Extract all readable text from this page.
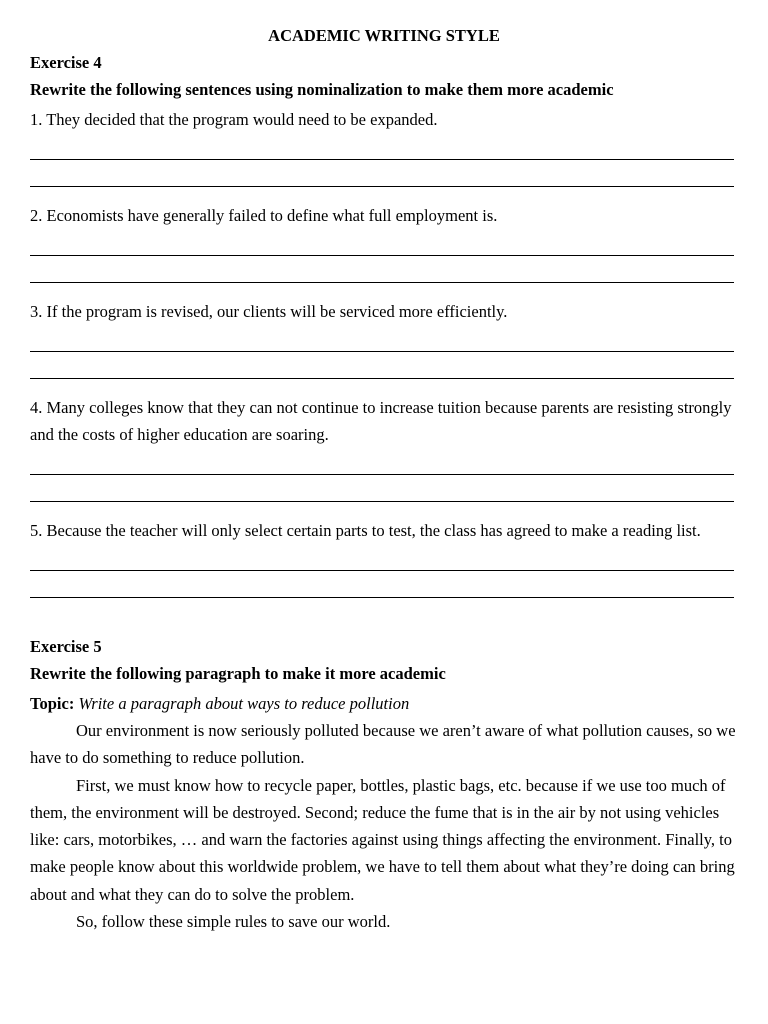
ACADEMIC WRITING STYLE
Exercise 4
Rewrite the following sentences using nominalization to make them more academic

1. They decided that the program would need to be expanded.

2. Economists have generally failed to define what full employment is.

3. If the program is revised, our clients will be serviced more efficiently.

4. Many colleges know that they can not continue to increase tuition because parents are resisting strongly and the costs of higher education are soaring.

5. Because the teacher will only select certain parts to test, the class has agreed to make a reading list.

Exercise 5
Rewrite the following paragraph to make it more academic

Topic: Write a paragraph about ways to reduce pollution

Our environment is now seriously polluted because we aren’t aware of what pollution causes, so we have to do something to reduce pollution.

First, we must know how to recycle paper, bottles, plastic bags, etc. because if we use too much of them, the environment will be destroyed. Second; reduce the fume that is in the air by not using vehicles like: cars, motorbikes, … and warn the factories against using things affecting the environment. Finally, to make people know about this worldwide problem, we have to tell them about what they’re doing can bring about and what they can do to solve the problem.

So, follow these simple rules to save our world.
